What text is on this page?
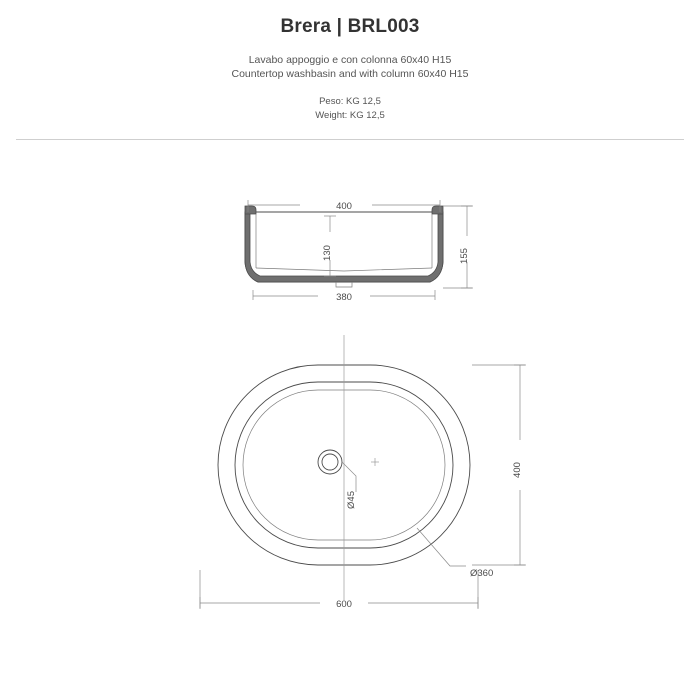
Brera | BRL003
Lavabo appoggio e con colonna 60x40 H15
Countertop washbasin and with column 60x40 H15
Peso: KG 12,5
Weight: KG 12,5
400
130	155
380
Ø45
Ø360
400
600
